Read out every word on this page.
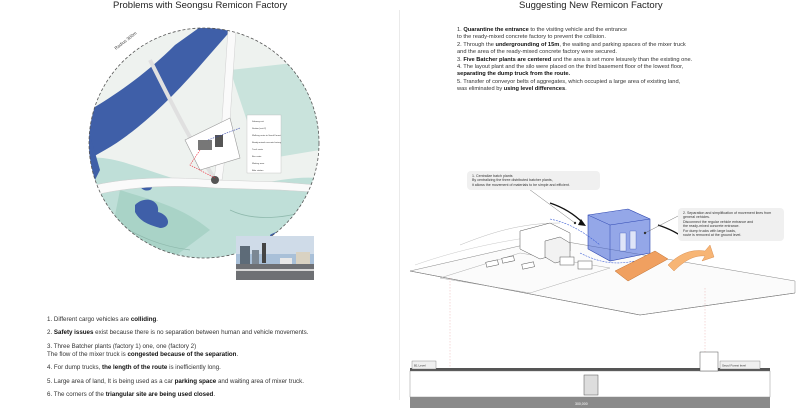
Problems with Seongsu Remicon Factory
Radius 300m
Subway exit
Station (exit 2)
Walking route to Seoul Forest
Ready-mixed concrete factory
Truck route
Bus route
Waiting area
Bike station
1. Different cargo vehicles are colliding.
2. Safety issues exist because there is no separation between human and vehicle movements.
3. Three Batcher plants (factory 1) one, one (factory 2)
The flow of the mixer truck is congested because of the separation.
4. For dump trucks, the length of the route is inefficiently long.
5. Large area of land, It is being used as a car parking space and waiting area of mixer truck.
6. The corners of the triangular site are being used closed.
Suggesting New Remicon Factory
1. Quarantine the entrance to the visiting vehicle and the entrance
to the ready-mixed concrete factory to prevent the collision.
2. Through the undergrounding of 15m, the waiting and parking spaces of the mixer truck
and the area of the ready-mixed concrete factory were secured.
3. Five Batcher plants are centered and the area is set more leisurely than the existing one.
4. The layout plant and the silo were placed on the third basement floor of the lowest floor,
separating the dump truck from the route.
5. Transfer of conveyor belts of aggregates, which occupied a large area of existing land,
was eliminated by using level differences.
B1 Level	Seoul Forest level
300,000
1. Centralize batch plants
By centralizing the three distributed batcher plants,
it allows the movement of materials to be simple and efficient.
2. Separation and simplification of movement lines from general vehicles.
Disconnect the regular vehicle entrance and
the ready-mixed concrete entrance.
For dump trucks with large loads,
route is removed at the ground level.
